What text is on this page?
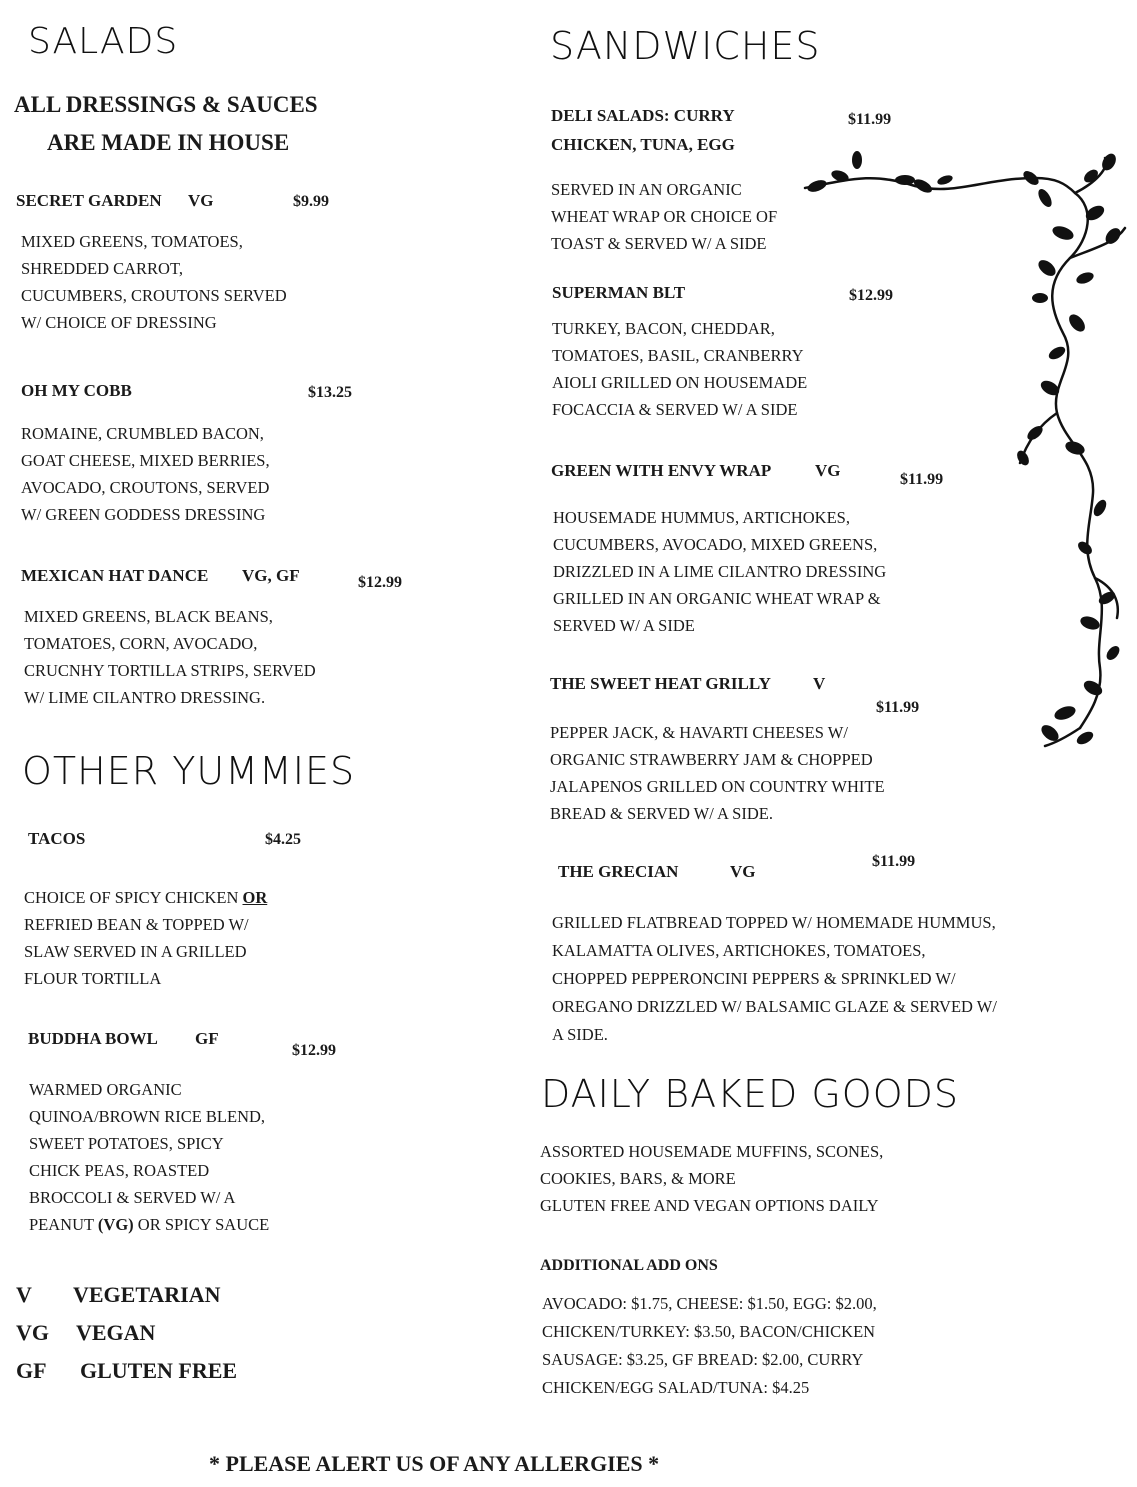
SALADS
ALL DRESSINGS & SAUCES
ARE MADE IN HOUSE
SECRET GARDEN VG	$9.99
MIXED GREENS, TOMATOES,
SHREDDED CARROT,
CUCUMBERS, CROUTONS SERVED
W/ CHOICE OF DRESSING
OH MY COBB	$13.25
ROMAINE, CRUMBLED BACON,
GOAT CHEESE, MIXED BERRIES,
AVOCADO, CROUTONS, SERVED
W/ GREEN GODDESS DRESSING
MEXICAN HAT DANCE VG, GF	$12.99
MIXED GREENS, BLACK BEANS,
TOMATOES, CORN, AVOCADO,
CRUCNHY TORTILLA STRIPS, SERVED
W/ LIME CILANTRO DRESSING.
OTHER YUMMIES
TACOS	$4.25
CHOICE OF SPICY CHICKEN OR
REFRIED BEAN & TOPPED W/
SLAW SERVED IN A GRILLED
FLOUR TORTILLA
BUDDHA BOWL GF
$12.99
WARMED ORGANIC
QUINOA/BROWN RICE BLEND,
SWEET POTATOES, SPICY
CHICK PEAS, ROASTED
BROCCOLI & SERVED W/ A
PEANUT (VG) OR SPICY SAUCE
V VEGETARIAN
VG VEGAN
GF GLUTEN FREE
SANDWICHES
DELI SALADS: CURRY
CHICKEN, TUNA, EGG
$11.99
SERVED IN AN ORGANIC
WHEAT WRAP OR CHOICE OF
TOAST & SERVED W/ A SIDE
SUPERMAN BLT	$12.99
TURKEY, BACON, CHEDDAR,
TOMATOES, BASIL, CRANBERRY
AIOLI GRILLED ON HOUSEMADE
FOCACCIA & SERVED W/ A SIDE
GREEN WITH ENVY WRAP	VG	$11.99
HOUSEMADE HUMMUS, ARTICHOKES,
CUCUMBERS, AVOCADO, MIXED GREENS,
DRIZZLED IN A LIME CILANTRO DRESSING
GRILLED IN AN ORGANIC WHEAT WRAP &
SERVED W/ A SIDE
THE SWEET HEAT GRILLY V
$11.99
PEPPER JACK, & HAVARTI CHEESES W/
ORGANIC STRAWBERRY JAM & CHOPPED
JALAPENOS GRILLED ON COUNTRY WHITE
BREAD & SERVED W/ A SIDE.
THE GRECIAN	VG
$11.99
GRILLED FLATBREAD TOPPED W/ HOMEMADE HUMMUS,
KALAMATTA OLIVES, ARTICHOKES, TOMATOES,
CHOPPED PEPPERONCINI PEPPERS & SPRINKLED W/
OREGANO DRIZZLED W/ BALSAMIC GLAZE & SERVED W/
A SIDE.
DAILY BAKED GOODS
ASSORTED HOUSEMADE MUFFINS, SCONES,
COOKIES, BARS, & MORE
GLUTEN FREE AND VEGAN OPTIONS DAILY
ADDITIONAL ADD ONS
AVOCADO: $1.75, CHEESE: $1.50, EGG: $2.00,
CHICKEN/TURKEY: $3.50, BACON/CHICKEN
SAUSAGE: $3.25, GF BREAD: $2.00, CURRY
CHICKEN/EGG SALAD/TUNA: $4.25
* PLEASE ALERT US OF ANY ALLERGIES *
